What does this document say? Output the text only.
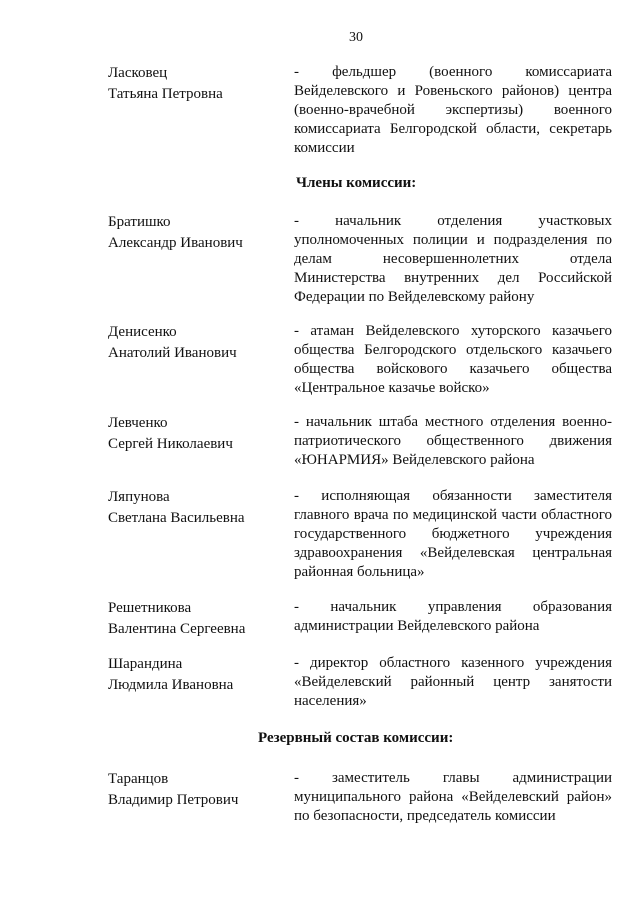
30
Ласковец
Татьяна Петровна
- фельдшер (военного комиссариата Вейделевского и Ровеньского районов) центра (военно-врачебной экспертизы) военного комиссариата Белгородской области, секретарь комиссии
Члены комиссии:
Братишко
Александр Иванович
- начальник отделения участковых уполномоченных полиции и подразделения по делам несовершеннолетних отдела Министерства внутренних дел Российской Федерации по Вейделевскому району
Денисенко
Анатолий Иванович
- атаман Вейделевского хуторского казачьего общества Белгородского отдельского казачьего общества войскового казачьего общества «Центральное казачье войско»
Левченко
Сергей Николаевич
- начальник штаба местного отделения военно-патриотического общественного движения «ЮНАРМИЯ» Вейделевского района
Ляпунова
Светлана Васильевна
- исполняющая обязанности заместителя главного врача по медицинской части областного государственного бюджетного учреждения здравоохранения «Вейделевская центральная районная больница»
Решетникова
Валентина Сергеевна
- начальник управления образования администрации Вейделевского района
Шарандина
Людмила Ивановна
- директор областного казенного учреждения «Вейделевский районный центр занятости населения»
Резервный состав комиссии:
Таранцов
Владимир Петрович
- заместитель главы администрации муниципального района «Вейделевский район» по безопасности, председатель комиссии
